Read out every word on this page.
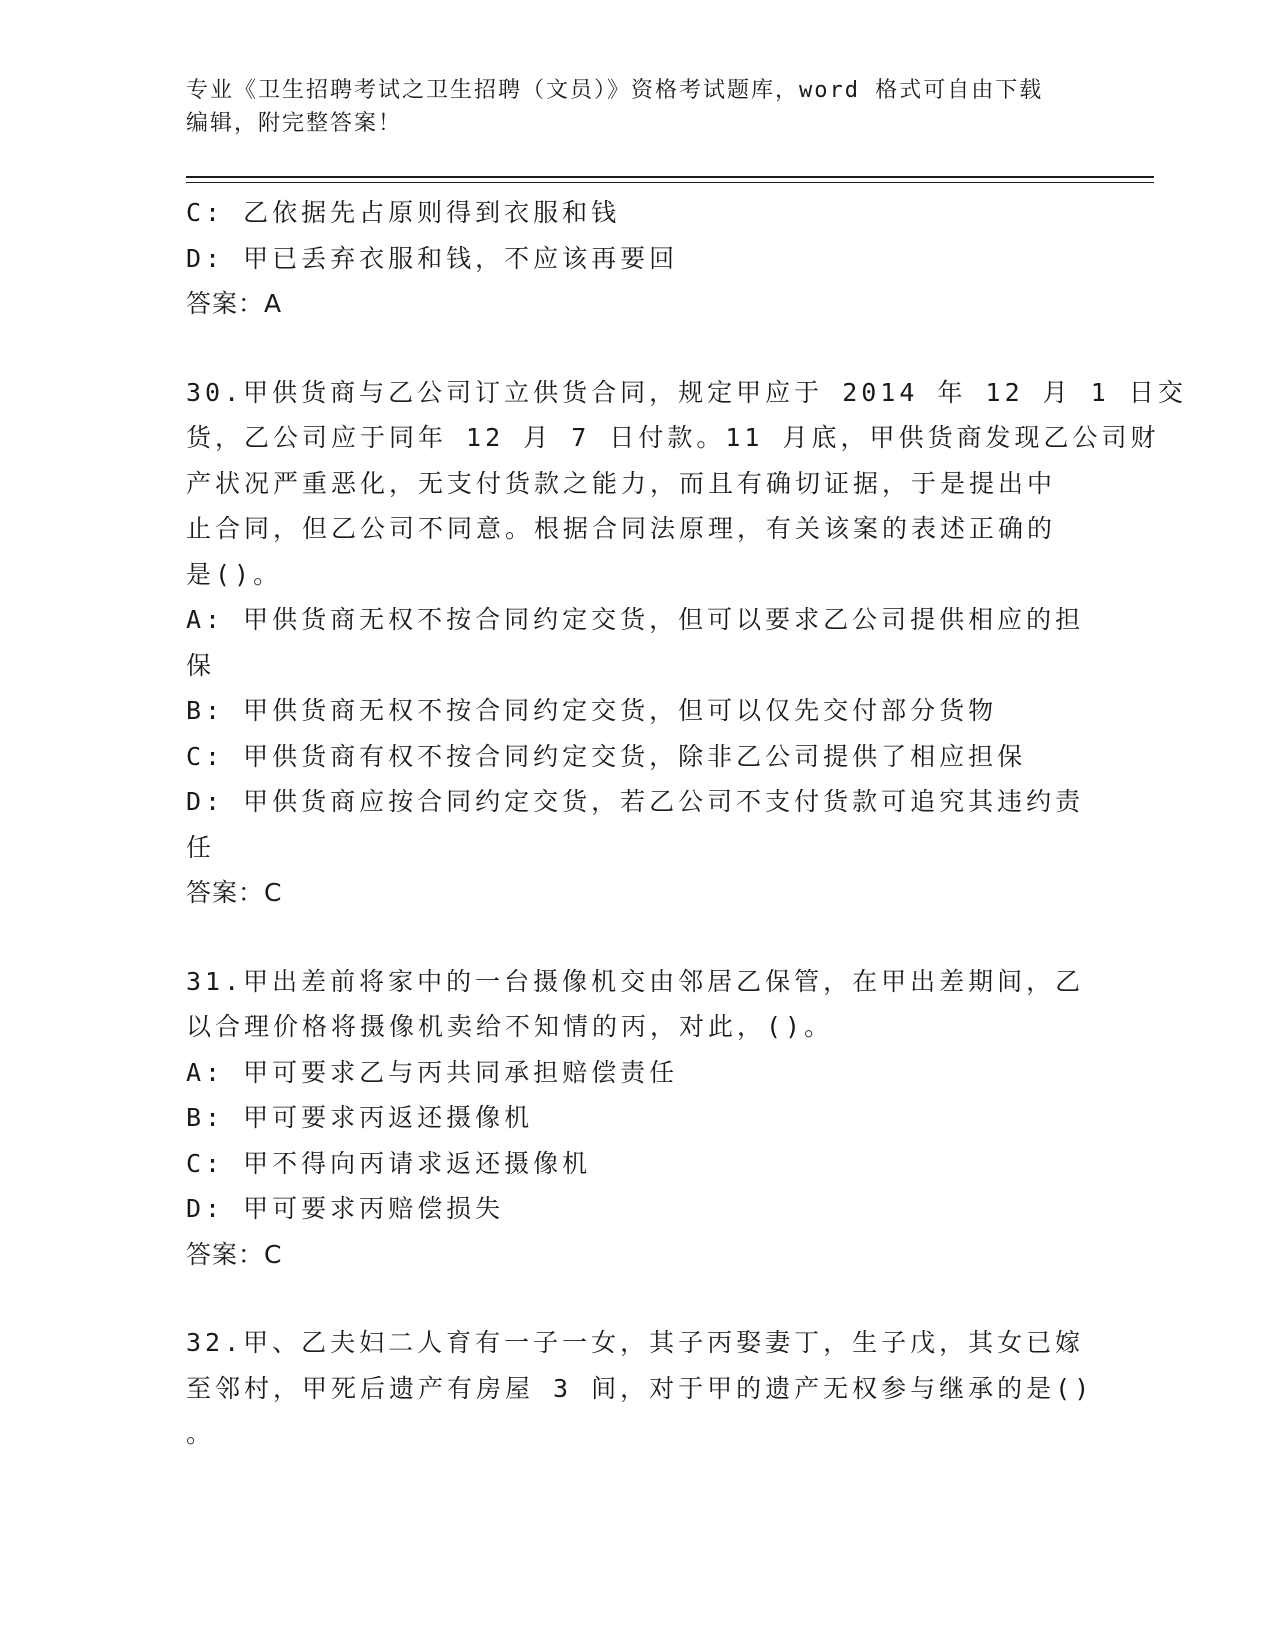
专业《卫生招聘考试之卫生招聘（文员）》资格考试题库，word 格式可自由下载
编辑，附完整答案！
C: 乙依据先占原则得到衣服和钱
D: 甲已丢弃衣服和钱，不应该再要回
答案：A
30.甲供货商与乙公司订立供货合同，规定甲应于 2014 年 12 月 1 日交
货，乙公司应于同年 12 月 7 日付款。11 月底，甲供货商发现乙公司财
产状况严重恶化，无支付货款之能力，而且有确切证据，于是提出中
止合同，但乙公司不同意。根据合同法原理，有关该案的表述正确的
是()。
A: 甲供货商无权不按合同约定交货，但可以要求乙公司提供相应的担
保
B: 甲供货商无权不按合同约定交货，但可以仅先交付部分货物
C: 甲供货商有权不按合同约定交货，除非乙公司提供了相应担保
D: 甲供货商应按合同约定交货，若乙公司不支付货款可追究其违约责
任
答案：C
31.甲出差前将家中的一台摄像机交由邻居乙保管，在甲出差期间，乙
以合理价格将摄像机卖给不知情的丙，对此，()。
A: 甲可要求乙与丙共同承担赔偿责任
B: 甲可要求丙返还摄像机
C: 甲不得向丙请求返还摄像机
D: 甲可要求丙赔偿损失
答案：C
32.甲、乙夫妇二人育有一子一女，其子丙娶妻丁，生子戊，其女已嫁
至邻村，甲死后遗产有房屋 3 间，对于甲的遗产无权参与继承的是()
。
